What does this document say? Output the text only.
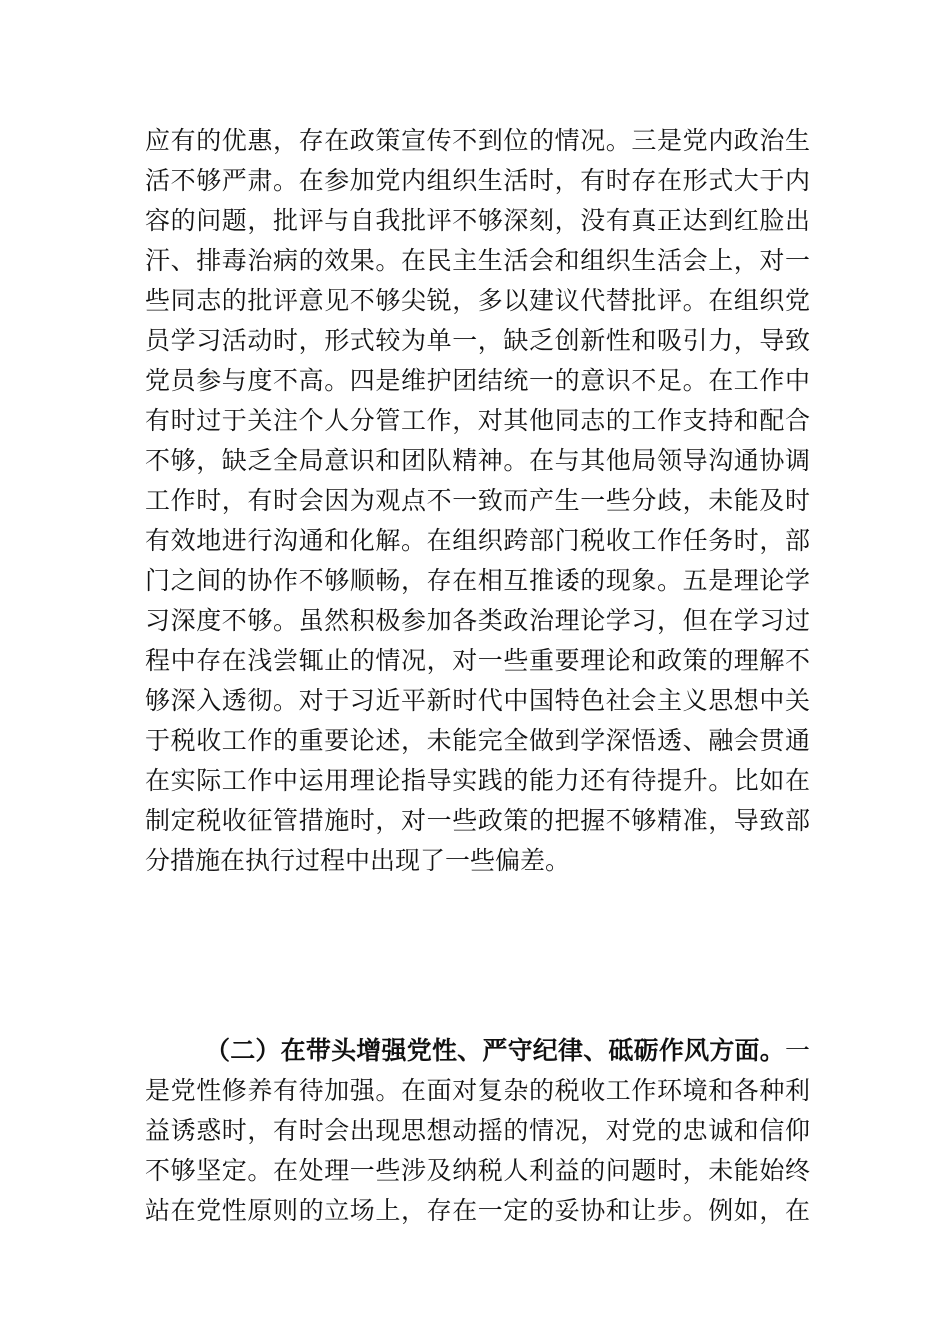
应有的优惠，存在政策宣传不到位的情况。三是党内政治生
活不够严肃。在参加党内组织生活时，有时存在形式大于内
容的问题，批评与自我批评不够深刻，没有真正达到红脸出
汗、排毒治病的效果。在民主生活会和组织生活会上，对一
些同志的批评意见不够尖锐，多以建议代替批评。在组织党
员学习活动时，形式较为单一，缺乏创新性和吸引力，导致
党员参与度不高。四是维护团结统一的意识不足。在工作中
有时过于关注个人分管工作，对其他同志的工作支持和配合
不够，缺乏全局意识和团队精神。在与其他局领导沟通协调
工作时，有时会因为观点不一致而产生一些分歧，未能及时
有效地进行沟通和化解。在组织跨部门税收工作任务时，部
门之间的协作不够顺畅，存在相互推诿的现象。五是理论学
习深度不够。虽然积极参加各类政治理论学习，但在学习过
程中存在浅尝辄止的情况，对一些重要理论和政策的理解不
够深入透彻。对于习近平新时代中国特色社会主义思想中关
于税收工作的重要论述，未能完全做到学深悟透、融会贯通
在实际工作中运用理论指导实践的能力还有待提升。比如在
制定税收征管措施时，对一些政策的把握不够精准，导致部
分措施在执行过程中出现了一些偏差。
（二）在带头增强党性、严守纪律、砥砺作风方面。一
是党性修养有待加强。在面对复杂的税收工作环境和各种利
益诱惑时，有时会出现思想动摇的情况，对党的忠诚和信仰
不够坚定。在处理一些涉及纳税人利益的问题时，未能始终
站在党性原则的立场上，存在一定的妥协和让步。例如，在
